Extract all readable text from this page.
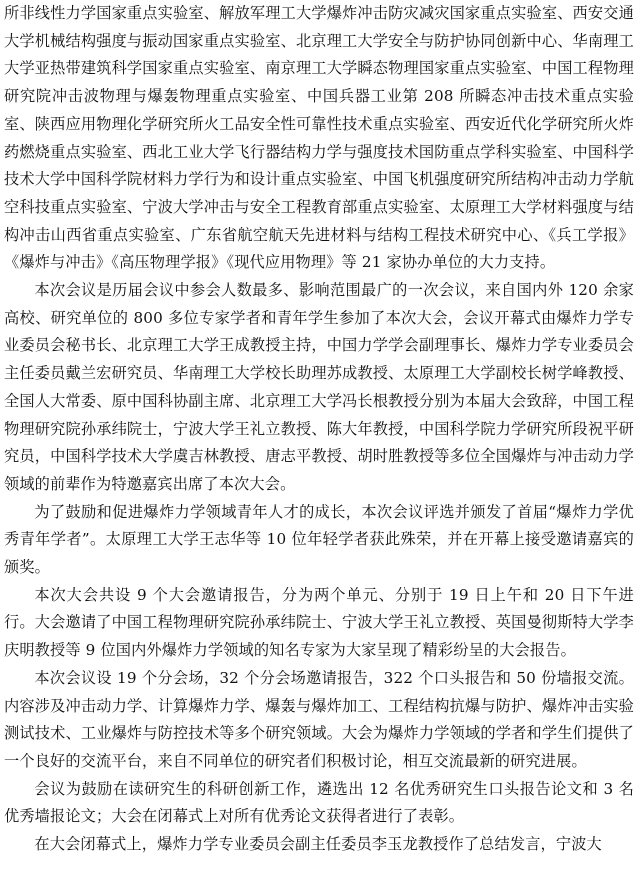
所非线性力学国家重点实验室、解放军理工大学爆炸冲击防灾减灾国家重点实验室、西安交通大学机械结构强度与振动国家重点实验室、北京理工大学安全与防护协同创新中心、华南理工大学亚热带建筑科学国家重点实验室、南京理工大学瞬态物理国家重点实验室、中国工程物理研究院冲击波物理与爆轰物理重点实验室、中国兵器工业第 208 所瞬态冲击技术重点实验室、陕西应用物理化学研究所火工品安全性可靠性技术重点实验室、西安近代化学研究所火炸药燃烧重点实验室、西北工业大学飞行器结构力学与强度技术国防重点学科实验室、中国科学技术大学中国科学院材料力学行为和设计重点实验室、中国飞机强度研究所结构冲击动力学航空科技重点实验室、宁波大学冲击与安全工程教育部重点实验室、太原理工大学材料强度与结构冲击山西省重点实验室、广东省航空航天先进材料与结构工程技术研究中心、《兵工学报》《爆炸与冲击》《高压物理学报》《现代应用物理》等 21 家协办单位的大力支持。

本次会议是历届会议中参会人数最多、影响范围最广的一次会议，来自国内外 120 余家高校、研究单位的 800 多位专家学者和青年学生参加了本次大会，会议开幕式由爆炸力学专业委员会秘书长、北京理工大学王成教授主持，中国力学学会副理事长、爆炸力学专业委员会主任委员戴兰宏研究员、华南理工大学校长助理苏成教授、太原理工大学副校长树学峰教授、全国人大常委、原中国科协副主席、北京理工大学冯长根教授分别为本届大会致辞，中国工程物理研究院孙承纬院士，宁波大学王礼立教授、陈大年教授，中国科学院力学研究所段祝平研究员，中国科学技术大学虞吉林教授、唐志平教授、胡时胜教授等多位全国爆炸与冲击动力学领域的前辈作为特邀嘉宾出席了本次大会。

为了鼓励和促进爆炸力学领域青年人才的成长，本次会议评选并颁发了首届“爆炸力学优秀青年学者”。太原理工大学王志华等 10 位年轻学者获此殊荣，并在开幕上接受邀请嘉宾的颁奖。

本次大会共设 9 个大会邀请报告，分为两个单元、分别于 19 日上午和 20 日下午进行。大会邀请了中国工程物理研究院孙承纬院士、宁波大学王礼立教授、英国曼彻斯特大学李庆明教授等 9 位国内外爆炸力学领域的知名专家为大家呈现了精彩纷呈的大会报告。

本次会议设 19 个分会场，32 个分会场邀请报告，322 个口头报告和 50 份墙报交流。内容涉及冲击动力学、计算爆炸力学、爆轰与爆炸加工、工程结构抗爆与防护、爆炸冲击实验测试技术、工业爆炸与防控技术等多个研究领域。大会为爆炸力学领域的学者和学生们提供了一个良好的交流平台，来自不同单位的研究者们积极讨论，相互交流最新的研究进展。

会议为鼓励在读研究生的科研创新工作，遴选出 12 名优秀研究生口头报告论文和 3 名优秀墙报论文；大会在闭幕式上对所有优秀论文获得者进行了表彰。

在大会闭幕式上，爆炸力学专业委员会副主任委员李玉龙教授作了总结发言，宁波大
